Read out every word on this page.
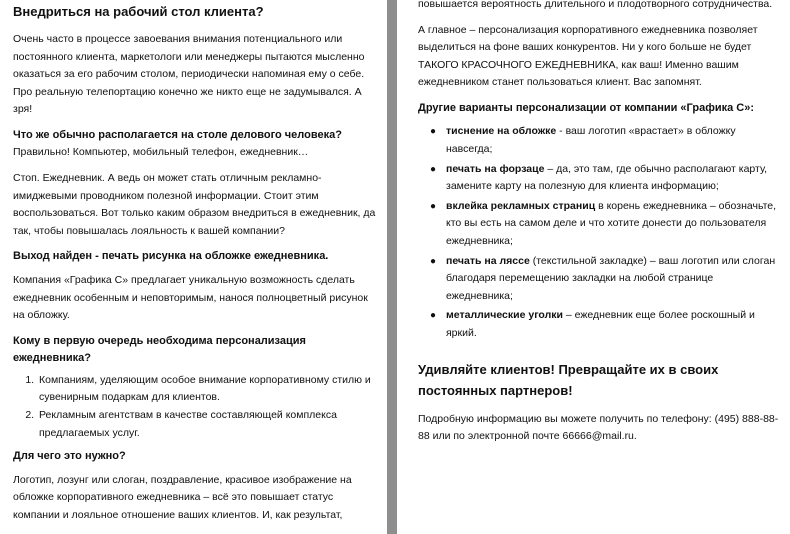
Внедриться на рабочий стол клиента?

Очень часто в процессе завоевания внимания потенциального или постоянного клиента, маркетологи или менеджеры пытаются мысленно оказаться за его рабочим столом, периодически напоминая ему о себе. Про реальную телепортацию конечно же никто еще не задумывался. А зря!

Что же обычно располагается на столе делового человека?

Правильно! Компьютер, мобильный телефон, ежедневник…

Стоп. Ежедневник. А ведь он может стать отличным рекламно-имиджевыми проводником полезной информации. Стоит этим воспользоваться. Вот только каким образом внедриться в ежедневник, да так, чтобы повышалась лояльность к вашей компании?

Выход найден - печать рисунка на обложке ежедневника.

Компания «Графика С» предлагает уникальную возможность сделать ежедневник особенным и неповторимым, нанося полноцветный рисунок на обложку.

Кому в первую очередь необходима персонализация ежедневника?
1. Компаниям, уделяющим особое внимание корпоративному стилю и сувенирным подаркам для клиентов.
2. Рекламным агентствам в качестве составляющей комплекса предлагаемых услуг.
Для чего это нужно?

Логотип, лозунг или слоган, поздравление, красивое изображение на обложке корпоративного ежедневника – всё это повышает статус компании и лояльное отношение ваших клиентов. И, как результат,

повышается вероятность длительного и плодотворного сотрудничества.

А главное – персонализация корпоративного ежедневника позволяет выделиться на фоне ваших конкурентов. Ни у кого больше не будет ТАКОГО КРАСОЧНОГО ЕЖЕДНЕВНИКА, как ваш! Именно вашим ежедневником станет пользоваться клиент. Вас запомнят.

Другие варианты персонализации от компании «Графика С»:
● тиснение на обложке - ваш логотип «врастает» в обложку навсегда;
● печать на форзаце – да, это там, где обычно располагают карту, замените карту на полезную для клиента информацию;
● вклейка рекламных страниц в корень ежедневника – обозначьте, кто вы есть на самом деле и что хотите донести до пользователя ежедневника;
● печать на ляссе (текстильной закладке) – ваш логотип или слоган благодаря перемещению закладки на любой странице ежедневника;
● металлические уголки – ежедневник еще более роскошный и яркий.
Удивляйте клиентов! Превращайте их в своих постоянных партнеров!

Подробную информацию вы можете получить по телефону: (495) 888-88-88 или по электронной почте 66666@mail.ru.
